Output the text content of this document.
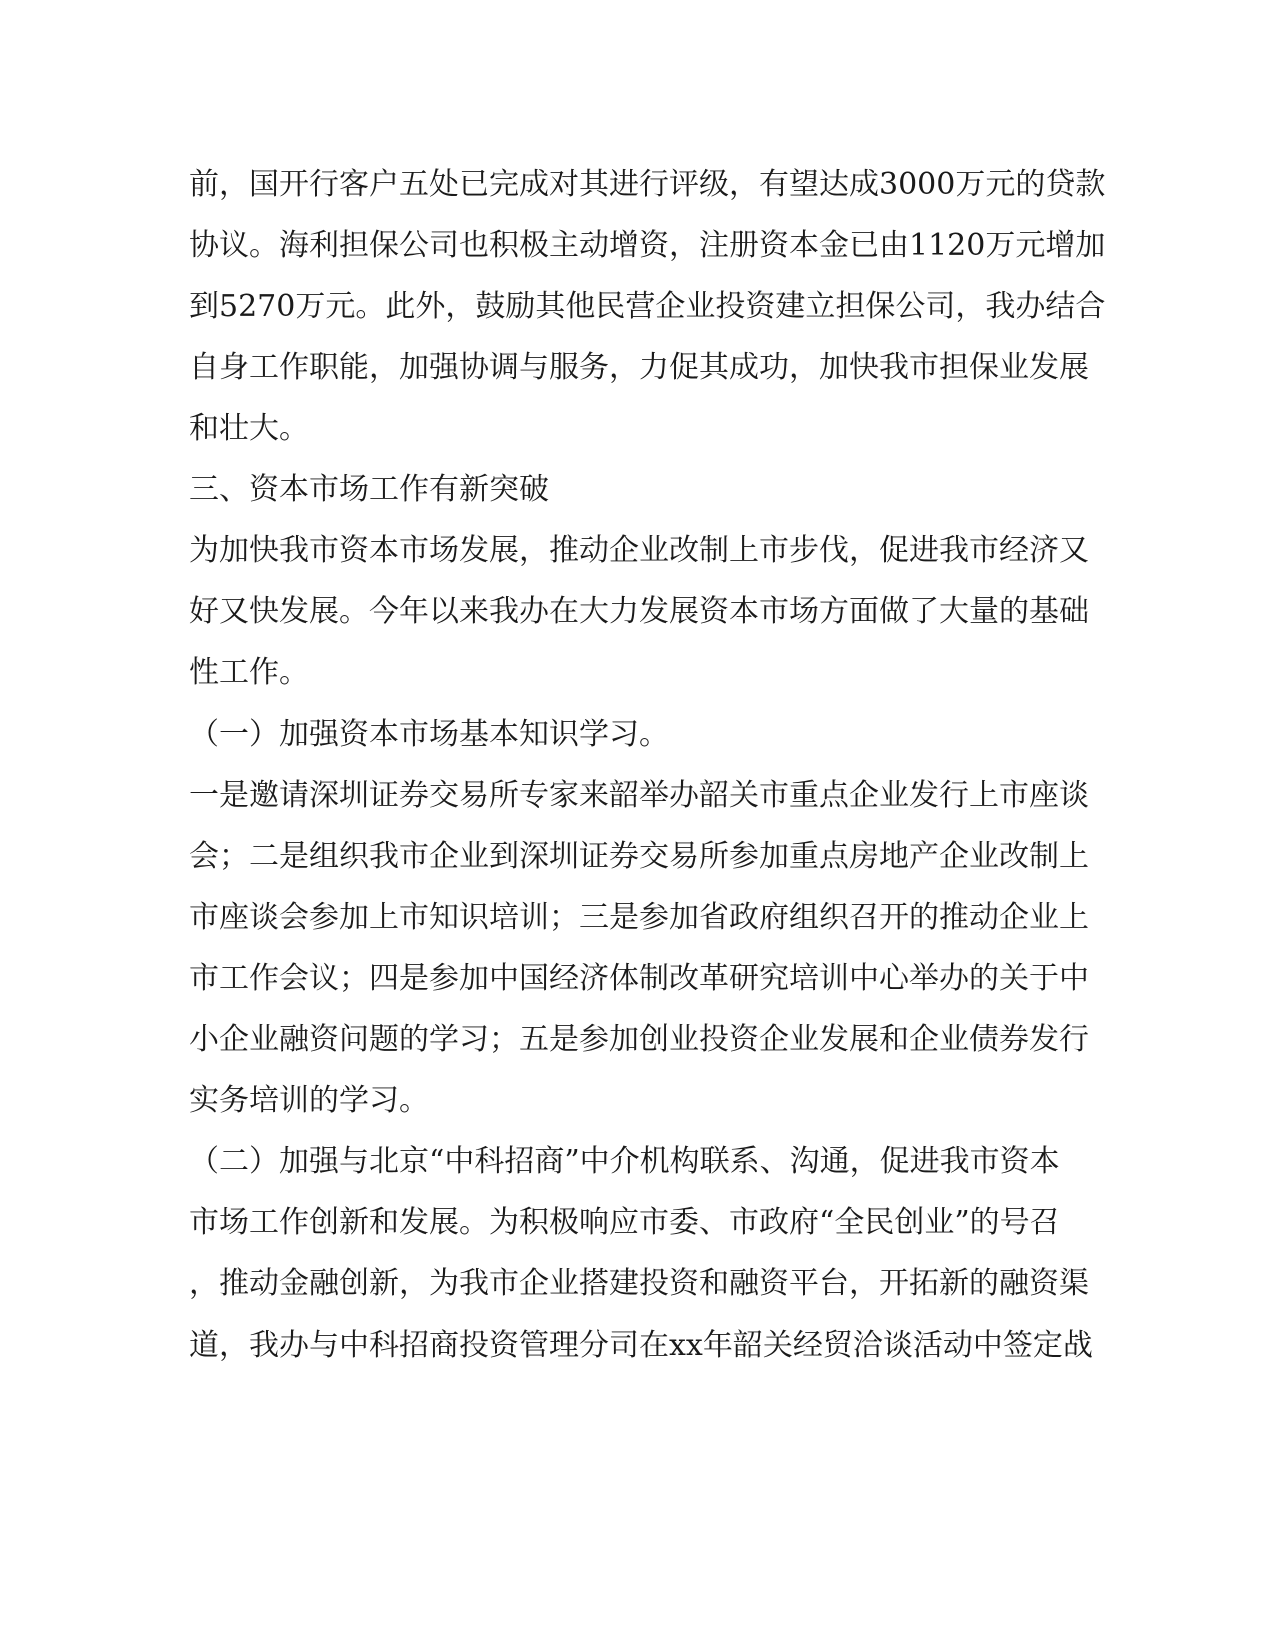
前，国开行客户五处已完成对其进行评级，有望达成3000万元的贷款
协议。海利担保公司也积极主动增资，注册资本金已由1120万元增加
到5270万元。此外，鼓励其他民营企业投资建立担保公司，我办结合
自身工作职能，加强协调与服务，力促其成功，加快我市担保业发展
和壮大。
三、资本市场工作有新突破
为加快我市资本市场发展，推动企业改制上市步伐，促进我市经济又
好又快发展。今年以来我办在大力发展资本市场方面做了大量的基础
性工作。
（一）加强资本市场基本知识学习。
一是邀请深圳证券交易所专家来韶举办韶关市重点企业发行上市座谈
会；二是组织我市企业到深圳证券交易所参加重点房地产企业改制上
市座谈会参加上市知识培训；三是参加省政府组织召开的推动企业上
市工作会议；四是参加中国经济体制改革研究培训中心举办的关于中
小企业融资问题的学习；五是参加创业投资企业发展和企业债券发行
实务培训的学习。
（二）加强与北京“中科招商”中介机构联系、沟通，促进我市资本
市场工作创新和发展。为积极响应市委、市政府“全民创业”的号召
，推动金融创新，为我市企业搭建投资和融资平台，开拓新的融资渠
道，我办与中科招商投资管理分司在xx年韶关经贸洽谈活动中签定战
